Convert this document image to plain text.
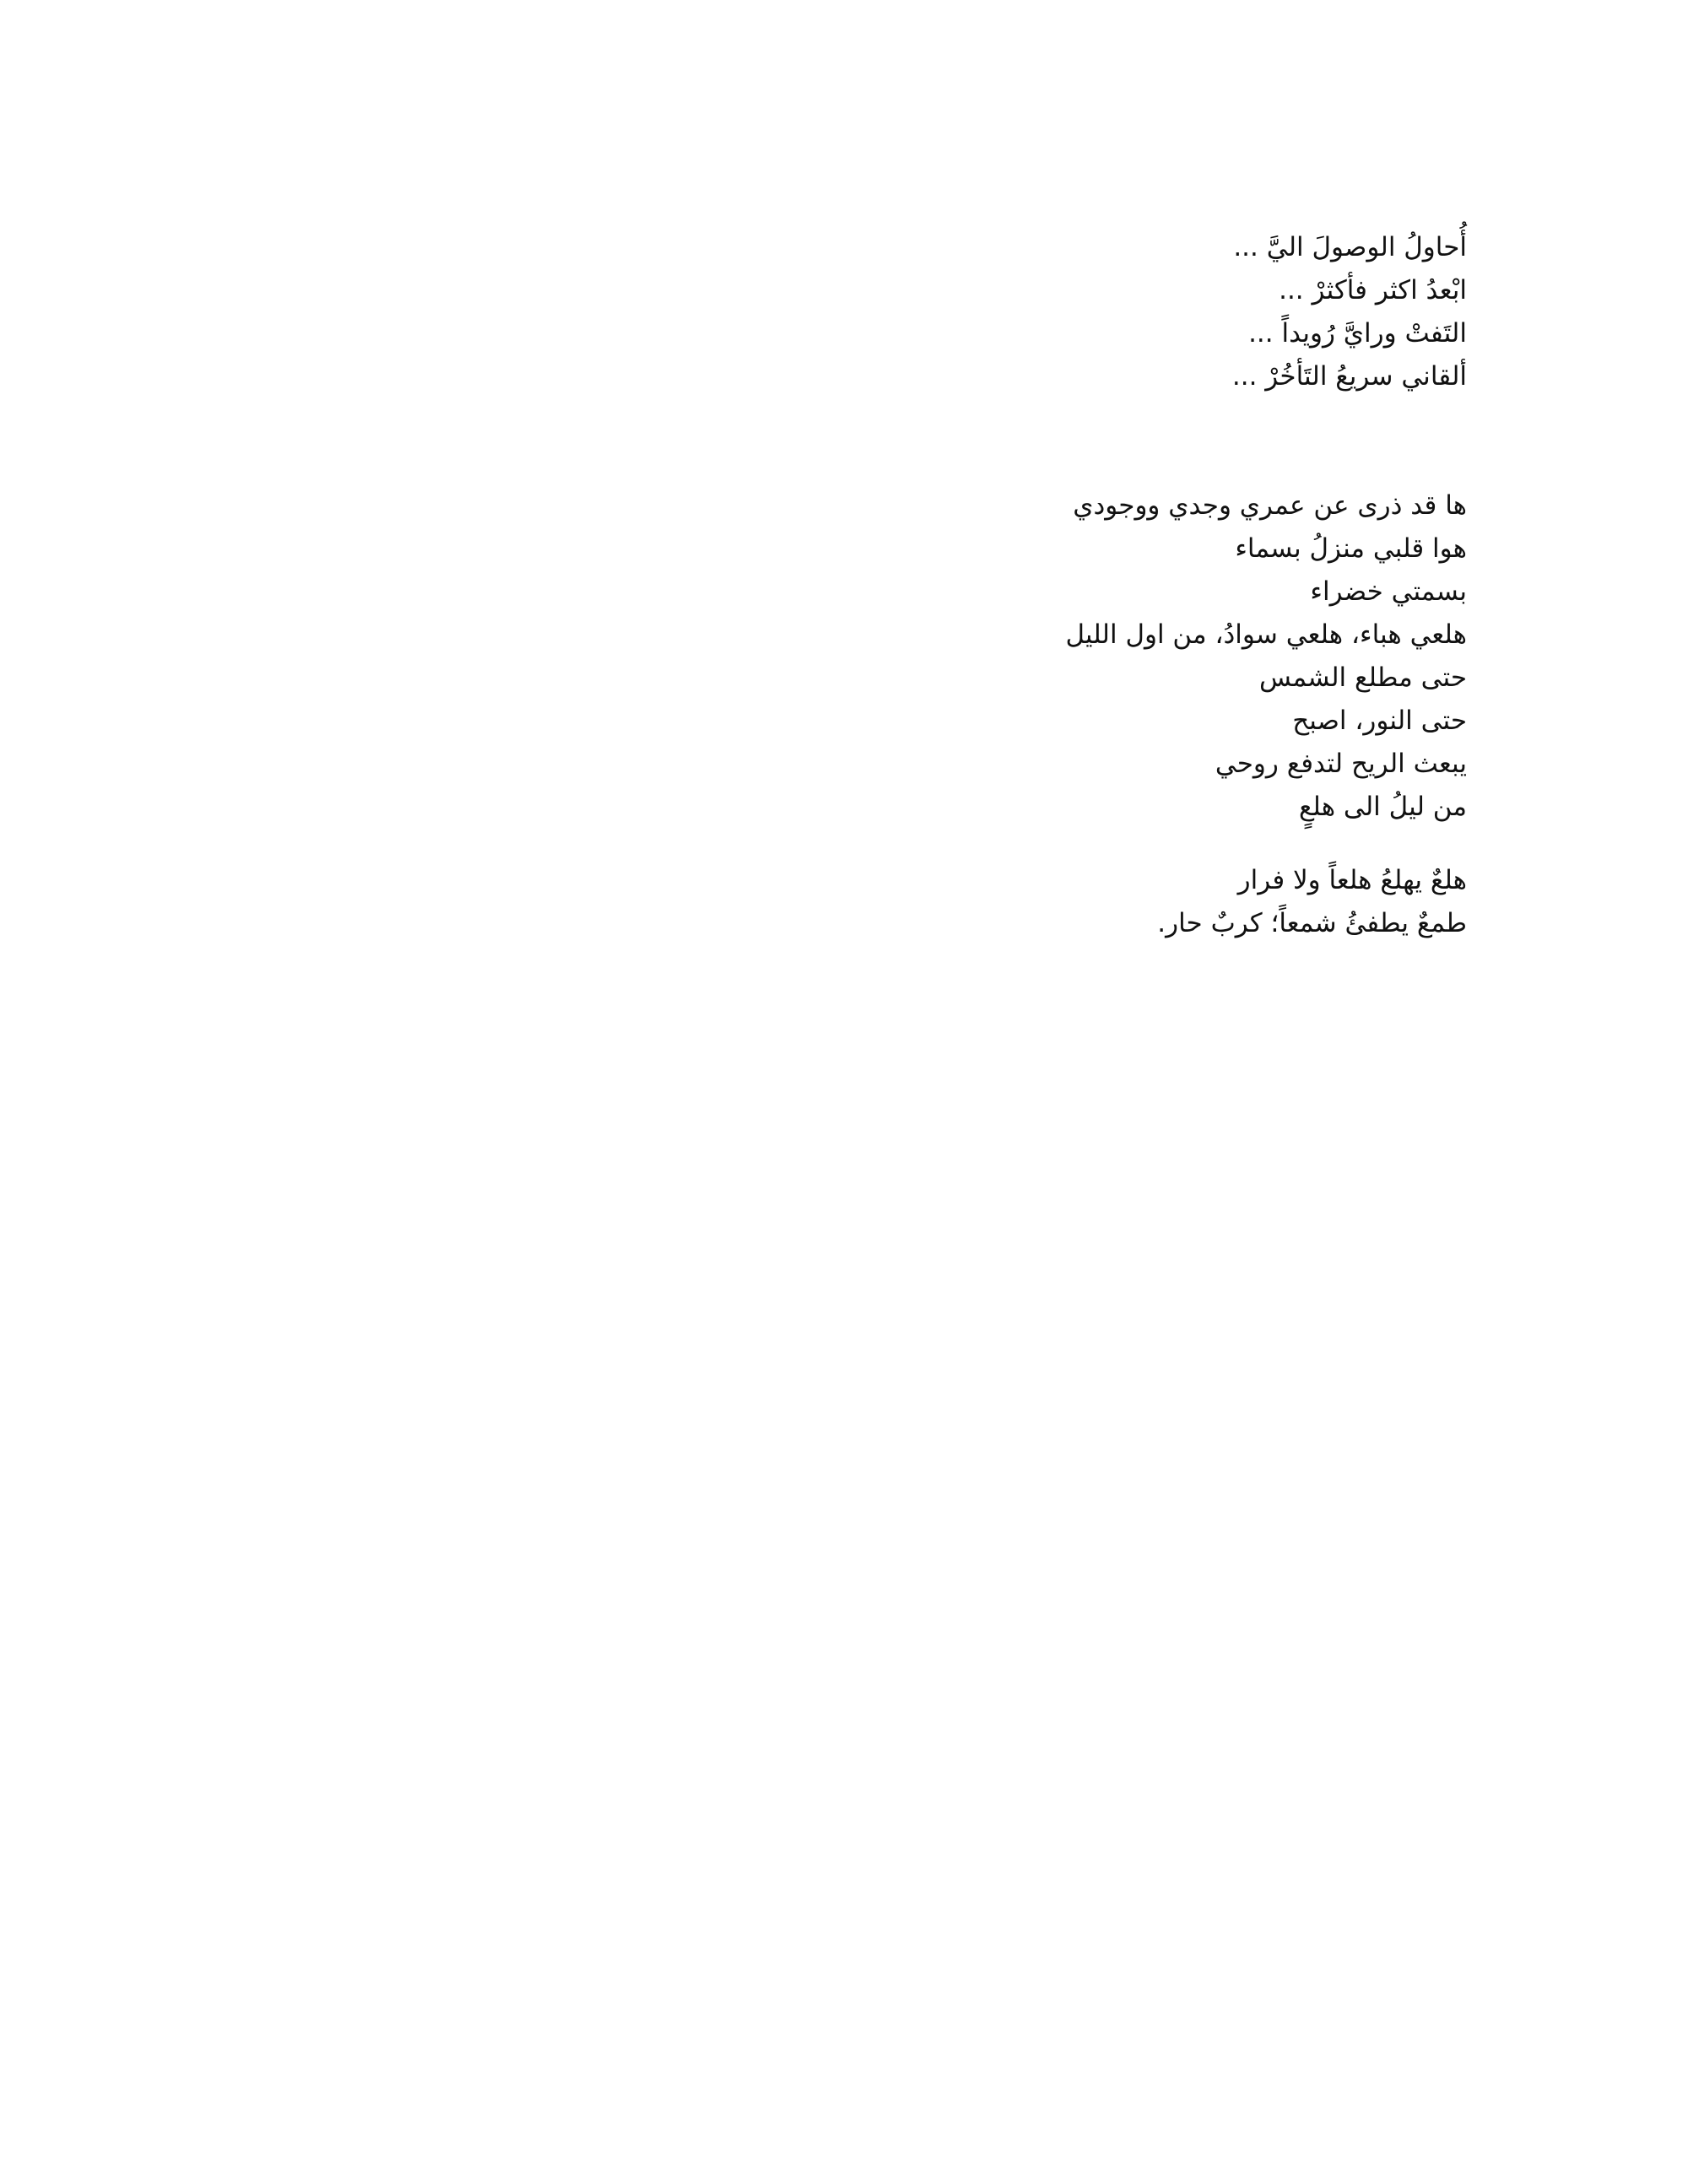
أُحاولُ الوصولَ اليَّ ...
ابْعدُ اكثر فأكثرْ ...
التَفتْ ورايَّ رُويداً ...
ألقاني سريعُ التَأخُرْ ...
ها قد ذرى عن عمري وجدي ووجودي
هوا قلبي منزلُ بسماء
بسمتي خضراء
هلعي هباء، هلعي سوادُ، من اول الليل
حتى مطلع الشمس
حتى النور، اصبح
يبعث الريح لتدفع روحي
من ليلُ الى هلعٍ
هلعٌ يهلعُ هلعاً ولا فرار
طمعٌ يطفئُ شمعاً؛ كربٌ حار.
